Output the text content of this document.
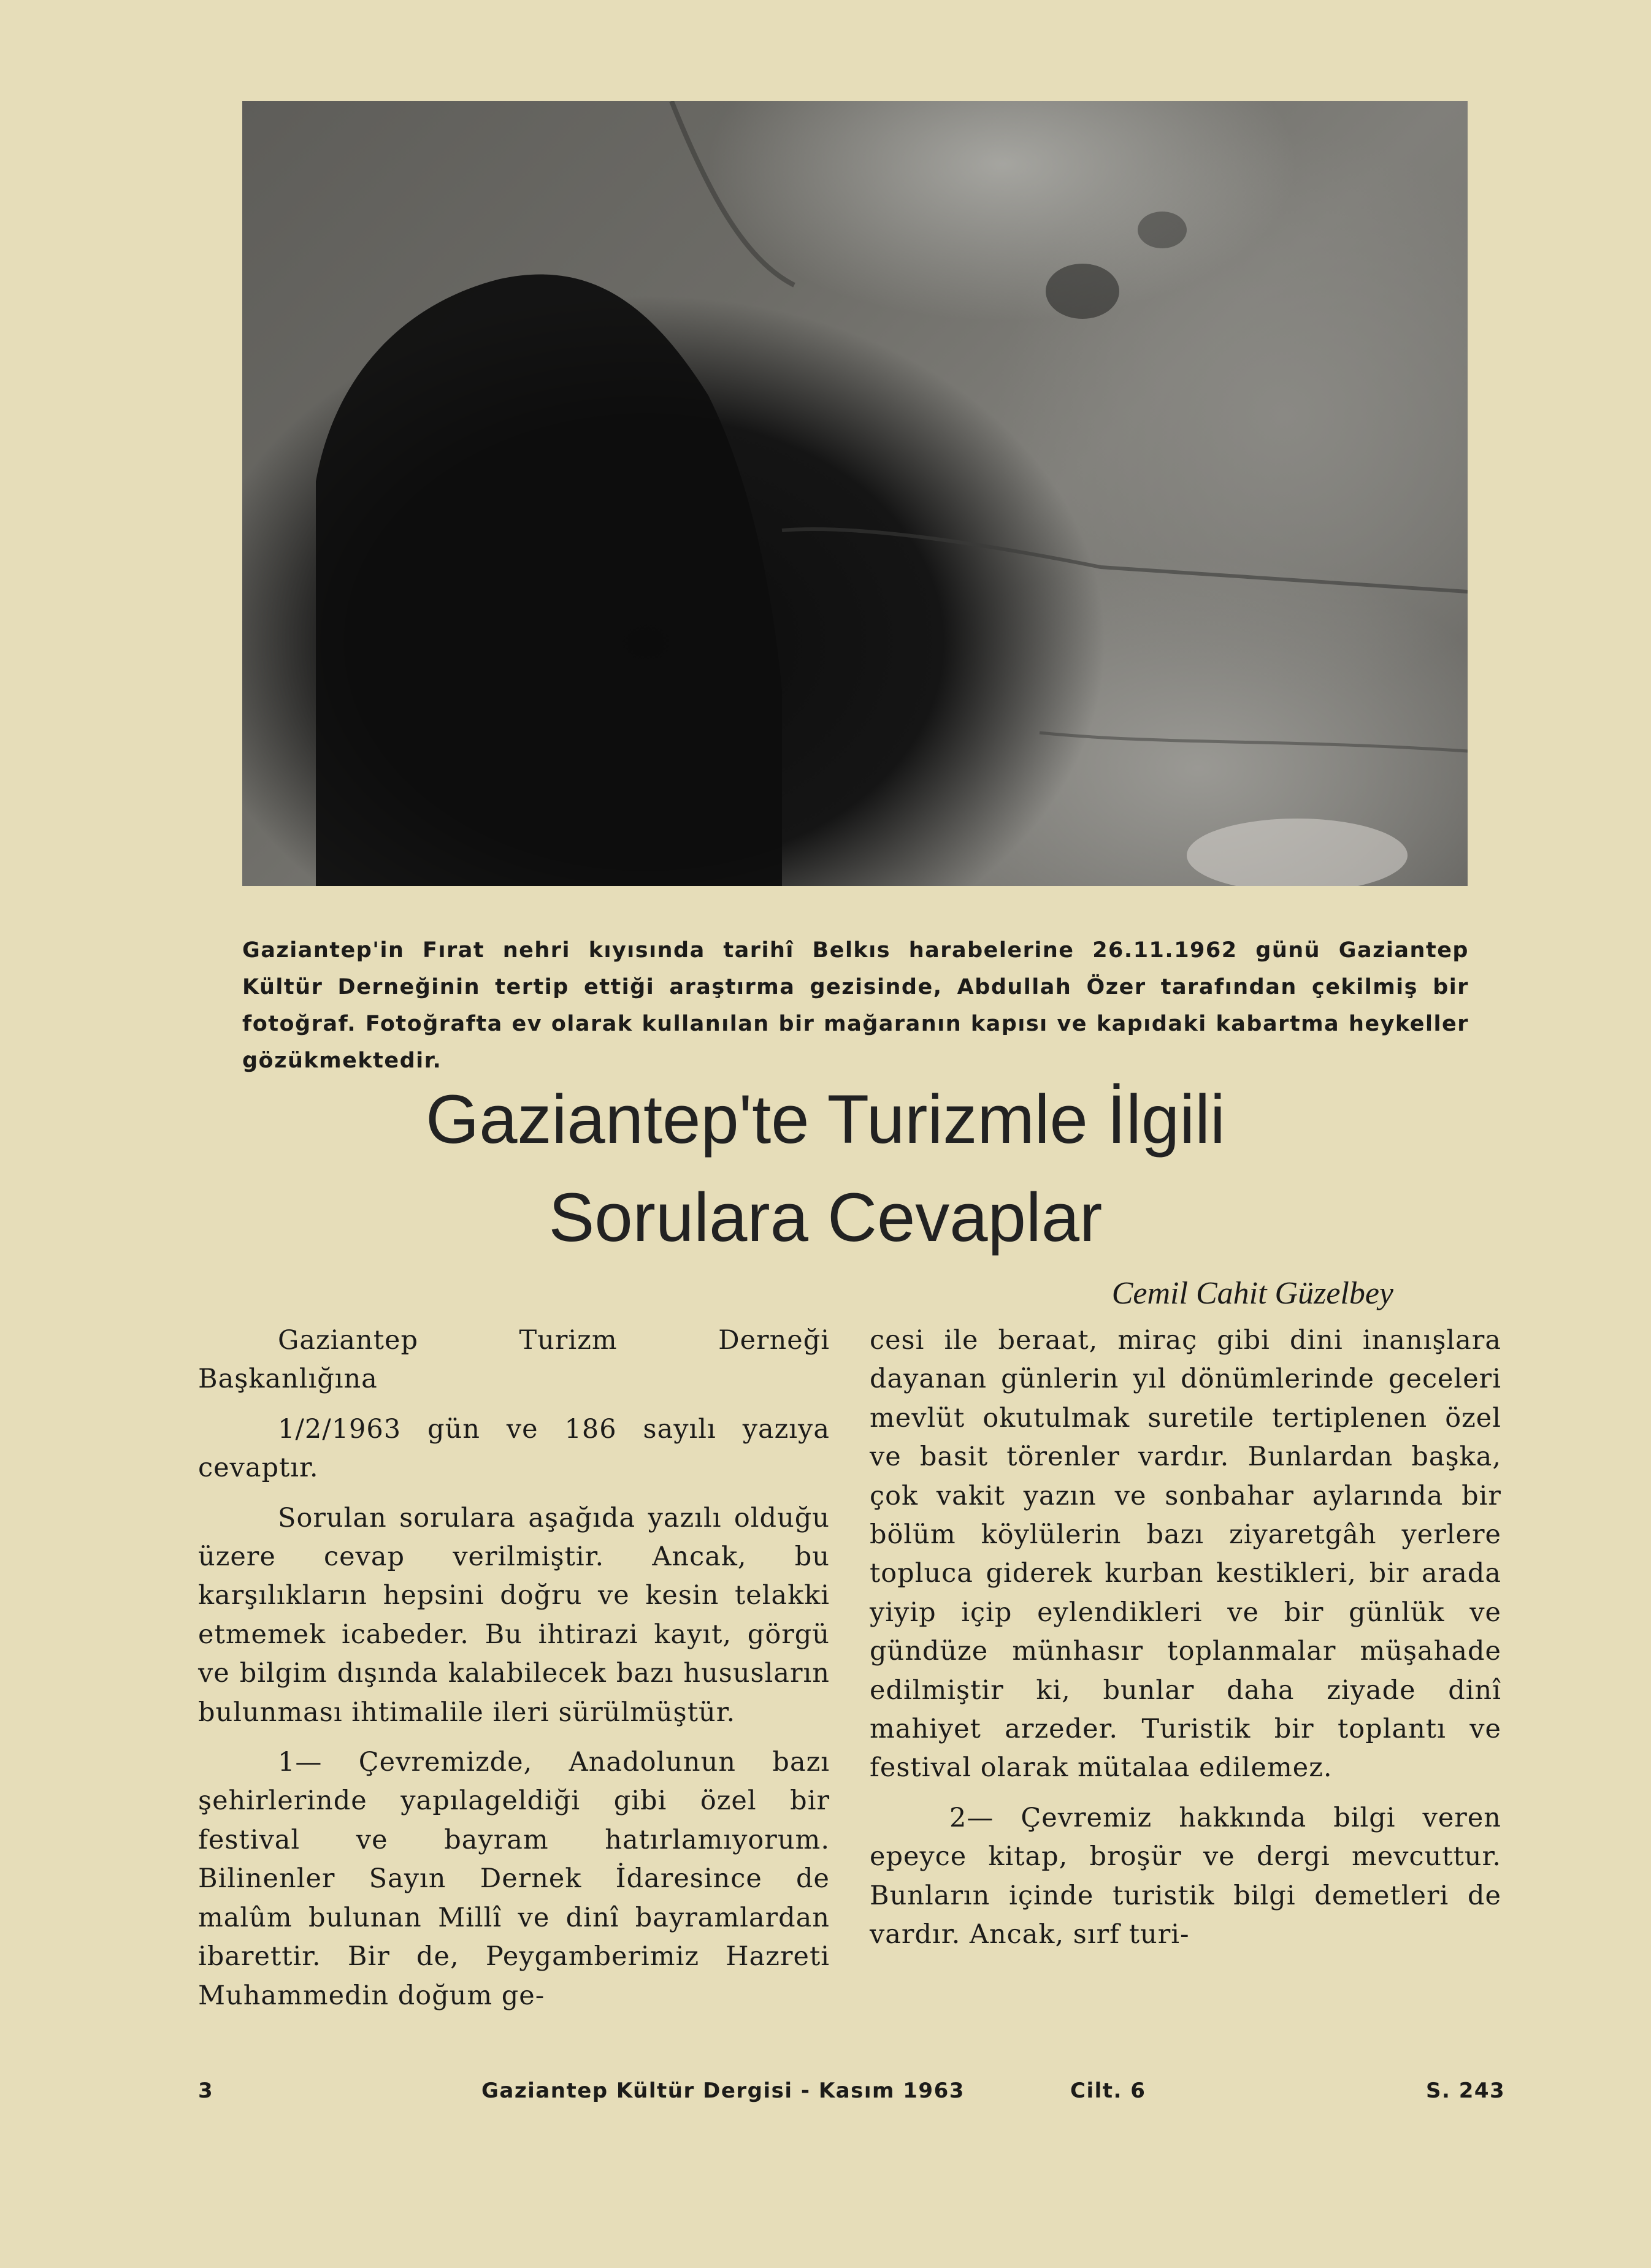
Gaziantep'in Fırat nehri kıyısında tarihî Belkıs harabelerine 26.11.1962 günü Gaziantep Kültür Derneğinin tertip ettiği araştırma gezisinde, Abdullah Özer tarafından çekilmiş bir fotoğraf. Fotoğrafta ev olarak kullanılan bir mağaranın kapısı ve kapıdaki kabartma heykeller gözükmektedir.
Gaziantep'te Turizmle İlgili
Sorulara Cevaplar
Cemil Cahit Güzelbey

Gaziantep Turizm Derneği Başkanlığına

1/2/1963 gün ve 186 sayılı yazıya cevaptır.

Sorulan sorulara aşağıda yazılı olduğu üzere cevap verilmiştir. Ancak, bu karşılıkların hepsini doğru ve kesin telakki etmemek icabeder. Bu ihtirazi kayıt, görgü ve bilgim dışında kalabilecek bazı hususların bulunması ihtimalile ileri sürülmüştür.

1— Çevremizde, Anadolunun bazı şehirlerinde yapılageldiği gibi özel bir festival ve bayram hatırlamıyorum. Bilinenler Sayın Dernek İdaresince de malûm bulunan Millî ve dinî bayramlardan ibarettir. Bir de, Peygamberimiz Hazreti Muhammedin doğum ge-

cesi ile beraat, miraç gibi dini inanışlara dayanan günlerin yıl dönümlerinde geceleri mevlüt okutulmak suretile tertiplenen özel ve basit törenler vardır. Bunlardan başka, çok vakit yazın ve sonbahar aylarında bir bölüm köylülerin bazı ziyaretgâh yerlere topluca giderek kurban kestikleri, bir arada yiyip içip eylendikleri ve bir günlük ve gündüze münhasır toplanmalar müşahade edilmiştir ki, bunlar daha ziyade dinî mahiyet arzeder. Turistik bir toplantı ve festival olarak mütalaa edilemez.

2— Çevremiz hakkında bilgi veren epeyce kitap, broşür ve dergi mevcuttur. Bunların içinde turistik bilgi demetleri de vardır. Ancak, sırf turi-

3	Gaziantep Kültür Dergisi - Kasım 1963	Cilt. 6	S. 243
